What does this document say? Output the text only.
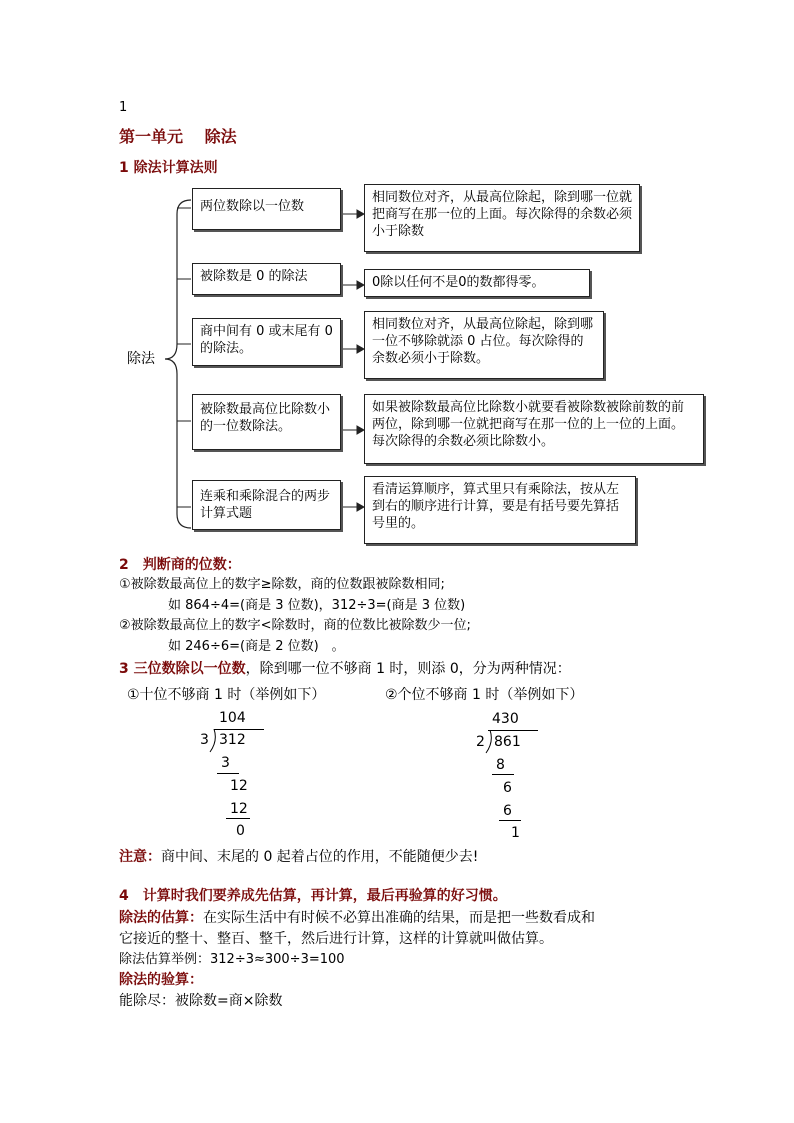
1
第一单元　 除法
1 除法计算法则
除法
两位数除以一位数
相同数位对齐，从最高位除起，除到哪一位就把商写在那一位的上面。每次除得的余数必须小于除数
被除数是 0 的除法	0除以任何不是0的数都得零。
商中间有 0 或末尾有 0 的除法。
相同数位对齐，从最高位除起，除到哪一位不够除就添 0 占位。每次除得的余数必须小于除数。
被除数最高位比除数小的一位数除法。
如果被除数最高位比除数小就要看被除数被除前数的前两位，除到哪一位就把商写在那一位的上一位的上面。每次除得的余数必须比除数小。
连乘和乘除混合的两步计算式题
看清运算顺序，算式里只有乘除法，按从左到右的顺序进行计算，要是有括号要先算括号里的。
2　判断商的位数：
①被除数最高位上的数字≥除数，商的位数跟被除数相同;
如 864÷4=(商是 3 位数)，312÷3=(商是 3 位数)
②被除数最高位上的数字<除数时，商的位数比被除数少一位;
如 246÷6=(商是 2 位数)　。
3 三位数除以一位数，除到哪一位不够商 1 时，则添 0，分为两种情况：
①十位不够商 1 时（举例如下）	②个位不够商 1 时（举例如下）
104
3 312
3
12
12
0
430
2 861
8
6
6
1
注意：商中间、末尾的 0 起着占位的作用，不能随便少去!
4　计算时我们要养成先估算，再计算，最后再验算的好习惯。
除法的估算：在实际生活中有时候不必算出准确的结果，而是把一些数看成和
它接近的整十、整百、整千，然后进行计算，这样的计算就叫做估算。
除法估算举例：312÷3≈300÷3=100
除法的验算：
能除尽：被除数=商×除数
